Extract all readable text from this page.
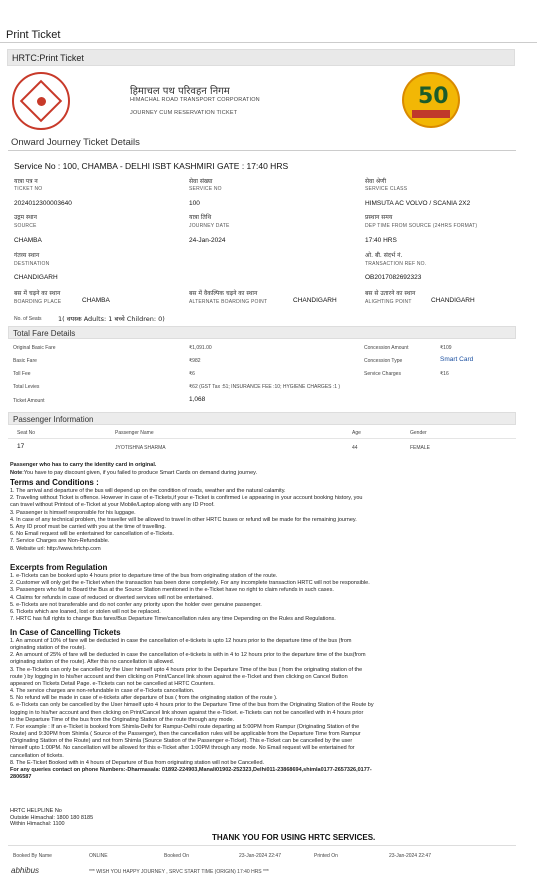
Print Ticket
HRTC:Print Ticket
हिमाचल पथ परिवहन निगम
HIMACHAL ROAD TRANSPORT CORPORATION
JOURNEY CUM RESERVATION TICKET
50
Onward Journey Ticket Details
Service No : 100, CHAMBA - DELHI ISBT KASHMIRI GATE : 17:40 HRS
यात्रा पत्र न
TICKET NO
2024012300003640
सेवा संख्या
SERVICE NO
100
सेवा श्रेणी
SERVICE CLASS
HIMSUTA AC VOLVO / SCANIA 2X2
उद्गम स्थान
SOURCE
CHAMBA
यात्रा तिथि
JOURNEY DATE
24-Jan-2024
प्रस्थान समय
DEP TIME FROM SOURCE (24HRS FORMAT)
17:40 HRS
गंतव्य स्थान
DESTINATION
CHANDIGARH
ओ. बी. संदर्भ नं.
TRANSACTION REF NO.
OB2017082692323
बस में चढ़ने का स्थान
BOARDING PLACE	CHAMBA
बस में वैकल्पिक चढ़ने का स्थान
ALTERNATE BOARDING POINT	CHANDIGARH
बस से उतारने का स्थान
ALIGHTING POINT	CHANDIGARH
No. of Seats	1( वयस्क Adults: 1 बच्चे Children: 0)
Total Fare Details
Original Basic Fare	₹1,091.00
Basic Fare	₹982
Toll Fee	₹6
Total Levies	₹62 (GST Tax :51; INSURANCE FEE :10; HYGIENE CHARGES :1 )
Ticket Amount	1,068
Concession Amount	₹109
Concession Type	Smart Card
Service Charges	₹16
Passenger Information
Seat No	Passenger Name	Age	Gender
17	JYOTISHNA SHARMA	44	FEMALE
Passenger who has to carry the identity card in original.
Note:You have to pay discount given, if you failed to produce Smart Cards on demand during journey.
Terms and Conditions :
1. The arrival and departure of the bus will depend up on the condition of roads, weather and the natural calamity.
2. Traveling without Ticket is offence. However in case of e-Tickets,if your e-Ticket is confirmed i.e appearing in your account booking history, you
can travel without Printout of e-Ticket at your Mobile/Laptop along with any ID Proof.
3. Passenger is himself responsible for his luggage.
4. In case of any technical problem, the traveller will be allowed to travel in other HRTC buses or refund will be made for the remaining journey.
5. Any ID proof must be carried with you at the time of travelling.
6. No Email request will be entertained for cancellation of e-Tickets.
7. Service Charges are Non-Refundable.
8. Website url: http://www.hrtchp.com
Excerpts from Regulation
1. e-Tickets can be booked upto 4 hours prior to departure time of the bus from originating station of the route.
2. Customer will only get the e-Ticket when the transaction has been done completely. For any incomplete transaction HRTC will not be responsible.
3. Passengers who fail to Board the Bus at the Source Station mentioned in the e-Ticket have no right to claim refunds in such cases.
4. Claims for refunds in case of reduced or diverted services will not be entertained.
5. e-Tickets are not transferable and do not confer any priority upon the holder over genuine passenger.
6. Tickets which are loaned, lost or stolen will not be replaced.
7. HRTC has full rights to change Bus fares/Bus Departure Time/cancellation rules any time Depending on the Rules and Regulations.
In Case of Cancelling Tickets
1. An amount of 10% of fare will be deducted in case the cancellation of e-tickets is upto 12 hours prior to the departure time of the bus (from
originating station of the route).
2. An amount of 25% of fare will be deducted in case the cancellation of e-tickets is with in 4 to 12 hours prior to the departure time of the bus(from
originating station of the route). After this no cancellation is allowed.
3. The e-Tickets can only be cancelled by the User himself upto 4 hours prior to the Departure Time of the bus ( from the originating station of the
route ) by logging in to his/her account and then clicking on Print/Cancel link shown against the e-Ticket and then clicking on Cancel Button
appeared on Tickets Detail Page. e-Tickets can not be cancelled at HRTC Counters.
4. The service charges are non-refundable in case of e-Tickets cancellation.
5. No refund will be made in case of e-tickets after departure of bus ( from the originating station of the route ).
6. e-Tickets can only be cancelled by the User himself upto 4 hours prior to the Departure Time of the bus from the Originating Station of the Route by
logging in to his/her account and then clicking on Print/Cancel link shown against the e-Ticket. e-Tickets can not be cancelled with in 4 hours prior
to the Departure Time of the bus from the Originating Station of the route through any mode.
7. For example : If an e-Ticket is booked from Shimla-Delhi for Rampur-Delhi route departing at 5:00PM from Rampur (Originating Station of the
Route) and 9:30PM from Shimla ( Source of the Passenger), then the cancellation rules will be applicable from the Departure Time from Rampur
(Originating Station of the Route) and not from Shimla (Source Station of the Passenger e-Ticket). This e-Ticket can be cancelled by the user
himself upto 1:00PM. No cancellation will be allowed for this e-Ticket after 1:00PM through any mode. No Email request will be entertained for
cancellation of tickets.
8. The E-Ticket Booked with in 4 hours of Departure of Bus from originating station will not be Cancelled.
For any queries contact on phone Numbers:-Dharmasala: 01892-224903,Manali01902-252323,Delhi011-23868694,shimla0177-2657326,0177-
2806587
HRTC HELPLINE No
Outside Himachal: 1800 180 8185
Within Himachal: 1100
THANK YOU FOR USING HRTC SERVICES.
Booked By Name	ONLINE	Booked On	23-Jan-2024 22:47	Printed On	23-Jan-2024 22:47
abhibus	*** WISH YOU HAPPY JOURNEY , SRVC START TIME (ORIGIN) 17:40 HRS ***
